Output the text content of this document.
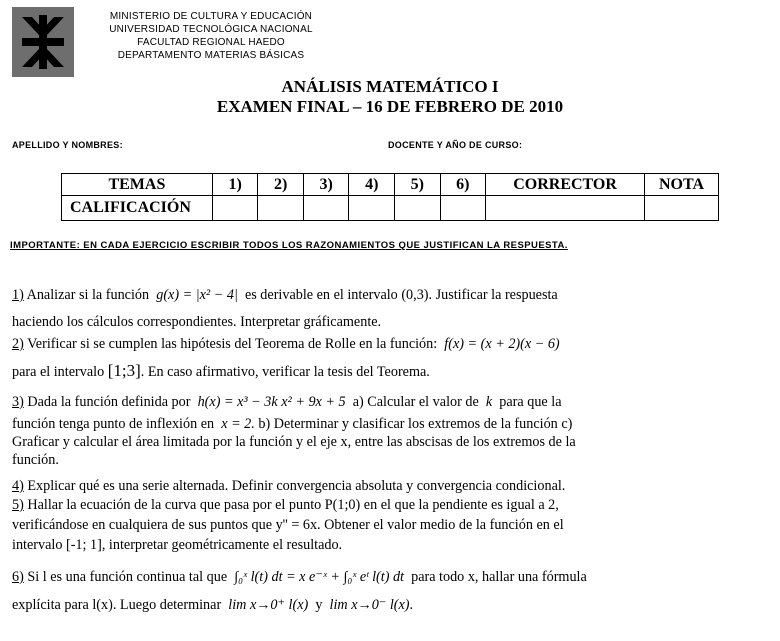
MINISTERIO DE CULTURA Y EDUCACIÓN
UNIVERSIDAD TECNOLÓGICA NACIONAL
FACULTAD REGIONAL HAEDO
DEPARTAMENTO MATERIAS BÁSICAS
ANÁLISIS MATEMÁTICO I
EXAMEN FINAL – 16 DE FEBRERO DE 2010
APELLIDO Y NOMBRES:	DOCENTE Y AÑO DE CURSO:
TEMAS	1)	2)	3)	4)	5)	6)	CORRECTOR	NOTA
CALIFICACIÓN								
IMPORTANTE: EN CADA EJERCICIO ESCRIBIR TODOS LOS RAZONAMIENTOS QUE JUSTIFICAN LA RESPUESTA.
1) Analizar si la función g(x) = |x² − 4| es derivable en el intervalo (0,3). Justificar la respuesta
haciendo los cálculos correspondientes. Interpretar gráficamente.
2) Verificar si se cumplen las hipótesis del Teorema de Rolle en la función: f(x) = (x + 2)(x − 6)
para el intervalo [1;3]. En caso afirmativo, verificar la tesis del Teorema.
3) Dada la función definida por h(x) = x³ − 3k x² + 9x + 5 a) Calcular el valor de k para que la
función tenga punto de inflexión en x = 2. b) Determinar y clasificar los extremos de la función c)
Graficar y calcular el área limitada por la función y el eje x, entre las abscisas de los extremos de la
función.
4) Explicar qué es una serie alternada. Definir convergencia absoluta y convergencia condicional.
5) Hallar la ecuación de la curva que pasa por el punto P(1;0) en el que la pendiente es igual a 2,
verificándose en cualquiera de sus puntos que y'' = 6x. Obtener el valor medio de la función en el
intervalo [-1; 1], interpretar geométricamente el resultado.
6) Si l es una función continua tal que ∫₀ˣ l(t) dt = x e⁻ˣ + ∫₀ˣ eᵗ l(t) dt para todo x, hallar una fórmula
explícita para l(x). Luego determinar lim x→0⁺ l(x) y lim x→0⁻ l(x).
